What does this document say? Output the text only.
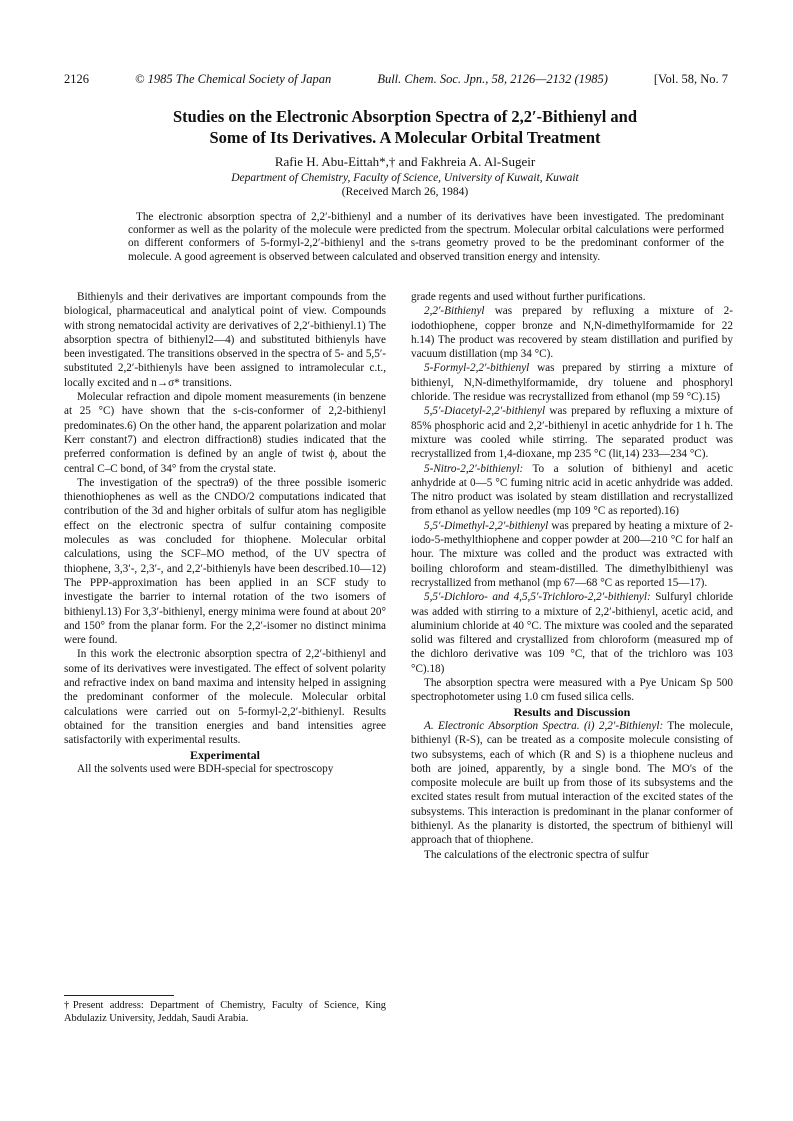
2126	© 1985 The Chemical Society of Japan	Bull. Chem. Soc. Jpn., 58, 2126—2132 (1985)	[Vol. 58, No. 7
Studies on the Electronic Absorption Spectra of 2,2′-Bithienyl and
Some of Its Derivatives. A Molecular Orbital Treatment
Rafie H. Abu-Eittah*,† and Fakhreia A. Al-Sugeir
Department of Chemistry, Faculty of Science, University of Kuwait, Kuwait
(Received March 26, 1984)
The electronic absorption spectra of 2,2′-bithienyl and a number of its derivatives have been investigated. The predominant conformer as well as the polarity of the molecule were predicted from the spectrum. Molecular orbital calculations were performed on different conformers of 5-formyl-2,2′-bithienyl and the s-trans geometry proved to be the predominant conformer of the molecule. A good agreement is observed between calculated and observed transition energy and intensity.

Bithienyls and their derivatives are important compounds from the biological, pharmaceutical and analytical point of view. Compounds with strong nematocidal activity are derivatives of 2,2′-bithienyl.1) The absorption spectra of bithienyl2—4) and substituted bithienyls have been investigated. The transitions observed in the spectra of 5- and 5,5′-substituted 2,2′-bithienyls have been assigned to intramolecular c.t., locally excited and n→σ* transitions.

Molecular refraction and dipole moment measurements (in benzene at 25 °C) have shown that the s-cis-conformer of 2,2-bithienyl predominates.6) On the other hand, the apparent polarization and molar Kerr constant7) and electron diffraction8) studies indicated that the preferred conformation is defined by an angle of twist ϕ, about the central C–C bond, of 34° from the crystal state.

The investigation of the spectra9) of the three possible isomeric thienothiophenes as well as the CNDO/2 computations indicated that contribution of the 3d and higher orbitals of sulfur atom has negligible effect on the electronic spectra of sulfur containing composite molecules as was concluded for thiophene. Molecular orbital calculations, using the SCF–MO method, of the UV spectra of thiophene, 3,3′-, 2,3′-, and 2,2′-bithienyls have been described.10—12) The PPP-approximation has been applied in an SCF study to investigate the barrier to internal rotation of the two isomers of bithienyl.13) For 3,3′-bithienyl, energy minima were found at about 20° and 150° from the planar form. For the 2,2′-isomer no distinct minima were found.

In this work the electronic absorption spectra of 2,2′-bithienyl and some of its derivatives were investigated. The effect of solvent polarity and refractive index on band maxima and intensity helped in assigning the predominant conformer of the molecule. Molecular orbital calculations were carried out on 5-formyl-2,2′-bithienyl. Results obtained for the transition energies and band intensities agree satisfactorily with experimental results.

Experimental

All the solvents used were BDH-special for spectroscopy

grade regents and used without further purifications.

2,2′-Bithienyl was prepared by refluxing a mixture of 2-iodothiophene, copper bronze and N,N-dimethylformamide for 22 h.14) The product was recovered by steam distillation and purified by vacuum distillation (mp 34 °C).

5-Formyl-2,2′-bithienyl was prepared by stirring a mixture of bithienyl, N,N-dimethylformamide, dry toluene and phosphoryl chloride. The residue was recrystallized from ethanol (mp 59 °C).15)

5,5′-Diacetyl-2,2′-bithienyl was prepared by refluxing a mixture of 85% phosphoric acid and 2,2′-bithienyl in acetic anhydride for 1 h. The mixture was cooled while stirring. The separated product was recrystallized from 1,4-dioxane, mp 235 °C (lit,14) 233—234 °C).

5-Nitro-2,2′-bithienyl: To a solution of bithienyl and acetic anhydride at 0—5 °C fuming nitric acid in acetic anhydride was added. The nitro product was isolated by steam distillation and recrystallized from ethanol as yellow needles (mp 109 °C as reported).16)

5,5′-Dimethyl-2,2′-bithienyl was prepared by heating a mixture of 2-iodo-5-methylthiophene and copper powder at 200—210 °C for half an hour. The mixture was colled and the product was extracted with boiling chloroform and steam-distilled. The dimethylbithienyl was recrystallized from methanol (mp 67—68 °C as reported 15—17).

5,5′-Dichloro- and 4,5,5′-Trichloro-2,2′-bithienyl: Sulfuryl chloride was added with stirring to a mixture of 2,2′-bithienyl, acetic acid, and aluminium chloride at 40 °C. The mixture was cooled and the separated solid was filtered and crystallized from chloroform (measured mp of the dichloro derivative was 109 °C, that of the trichloro was 103 °C).18)

The absorption spectra were measured with a Pye Unicam Sp 500 spectrophotometer using 1.0 cm fused silica cells.

Results and Discussion

A. Electronic Absorption Spectra. (i) 2,2′-Bithienyl: The molecule, bithienyl (R-S), can be treated as a composite molecule consisting of two subsystems, each of which (R and S) is a thiophene nucleus and both are joined, apparently, by a single bond. The MO's of the composite molecule are built up from those of its subsystems and the excited states result from mutual interaction of the excited states of the subsystems. This interaction is predominant in the planar conformer of bithienyl. As the planarity is distorted, the spectrum of bithienyl will approach that of thiophene.

The calculations of the electronic spectra of sulfur

†Present address: Department of Chemistry, Faculty of Science, King Abdulaziz University, Jeddah, Saudi Arabia.
